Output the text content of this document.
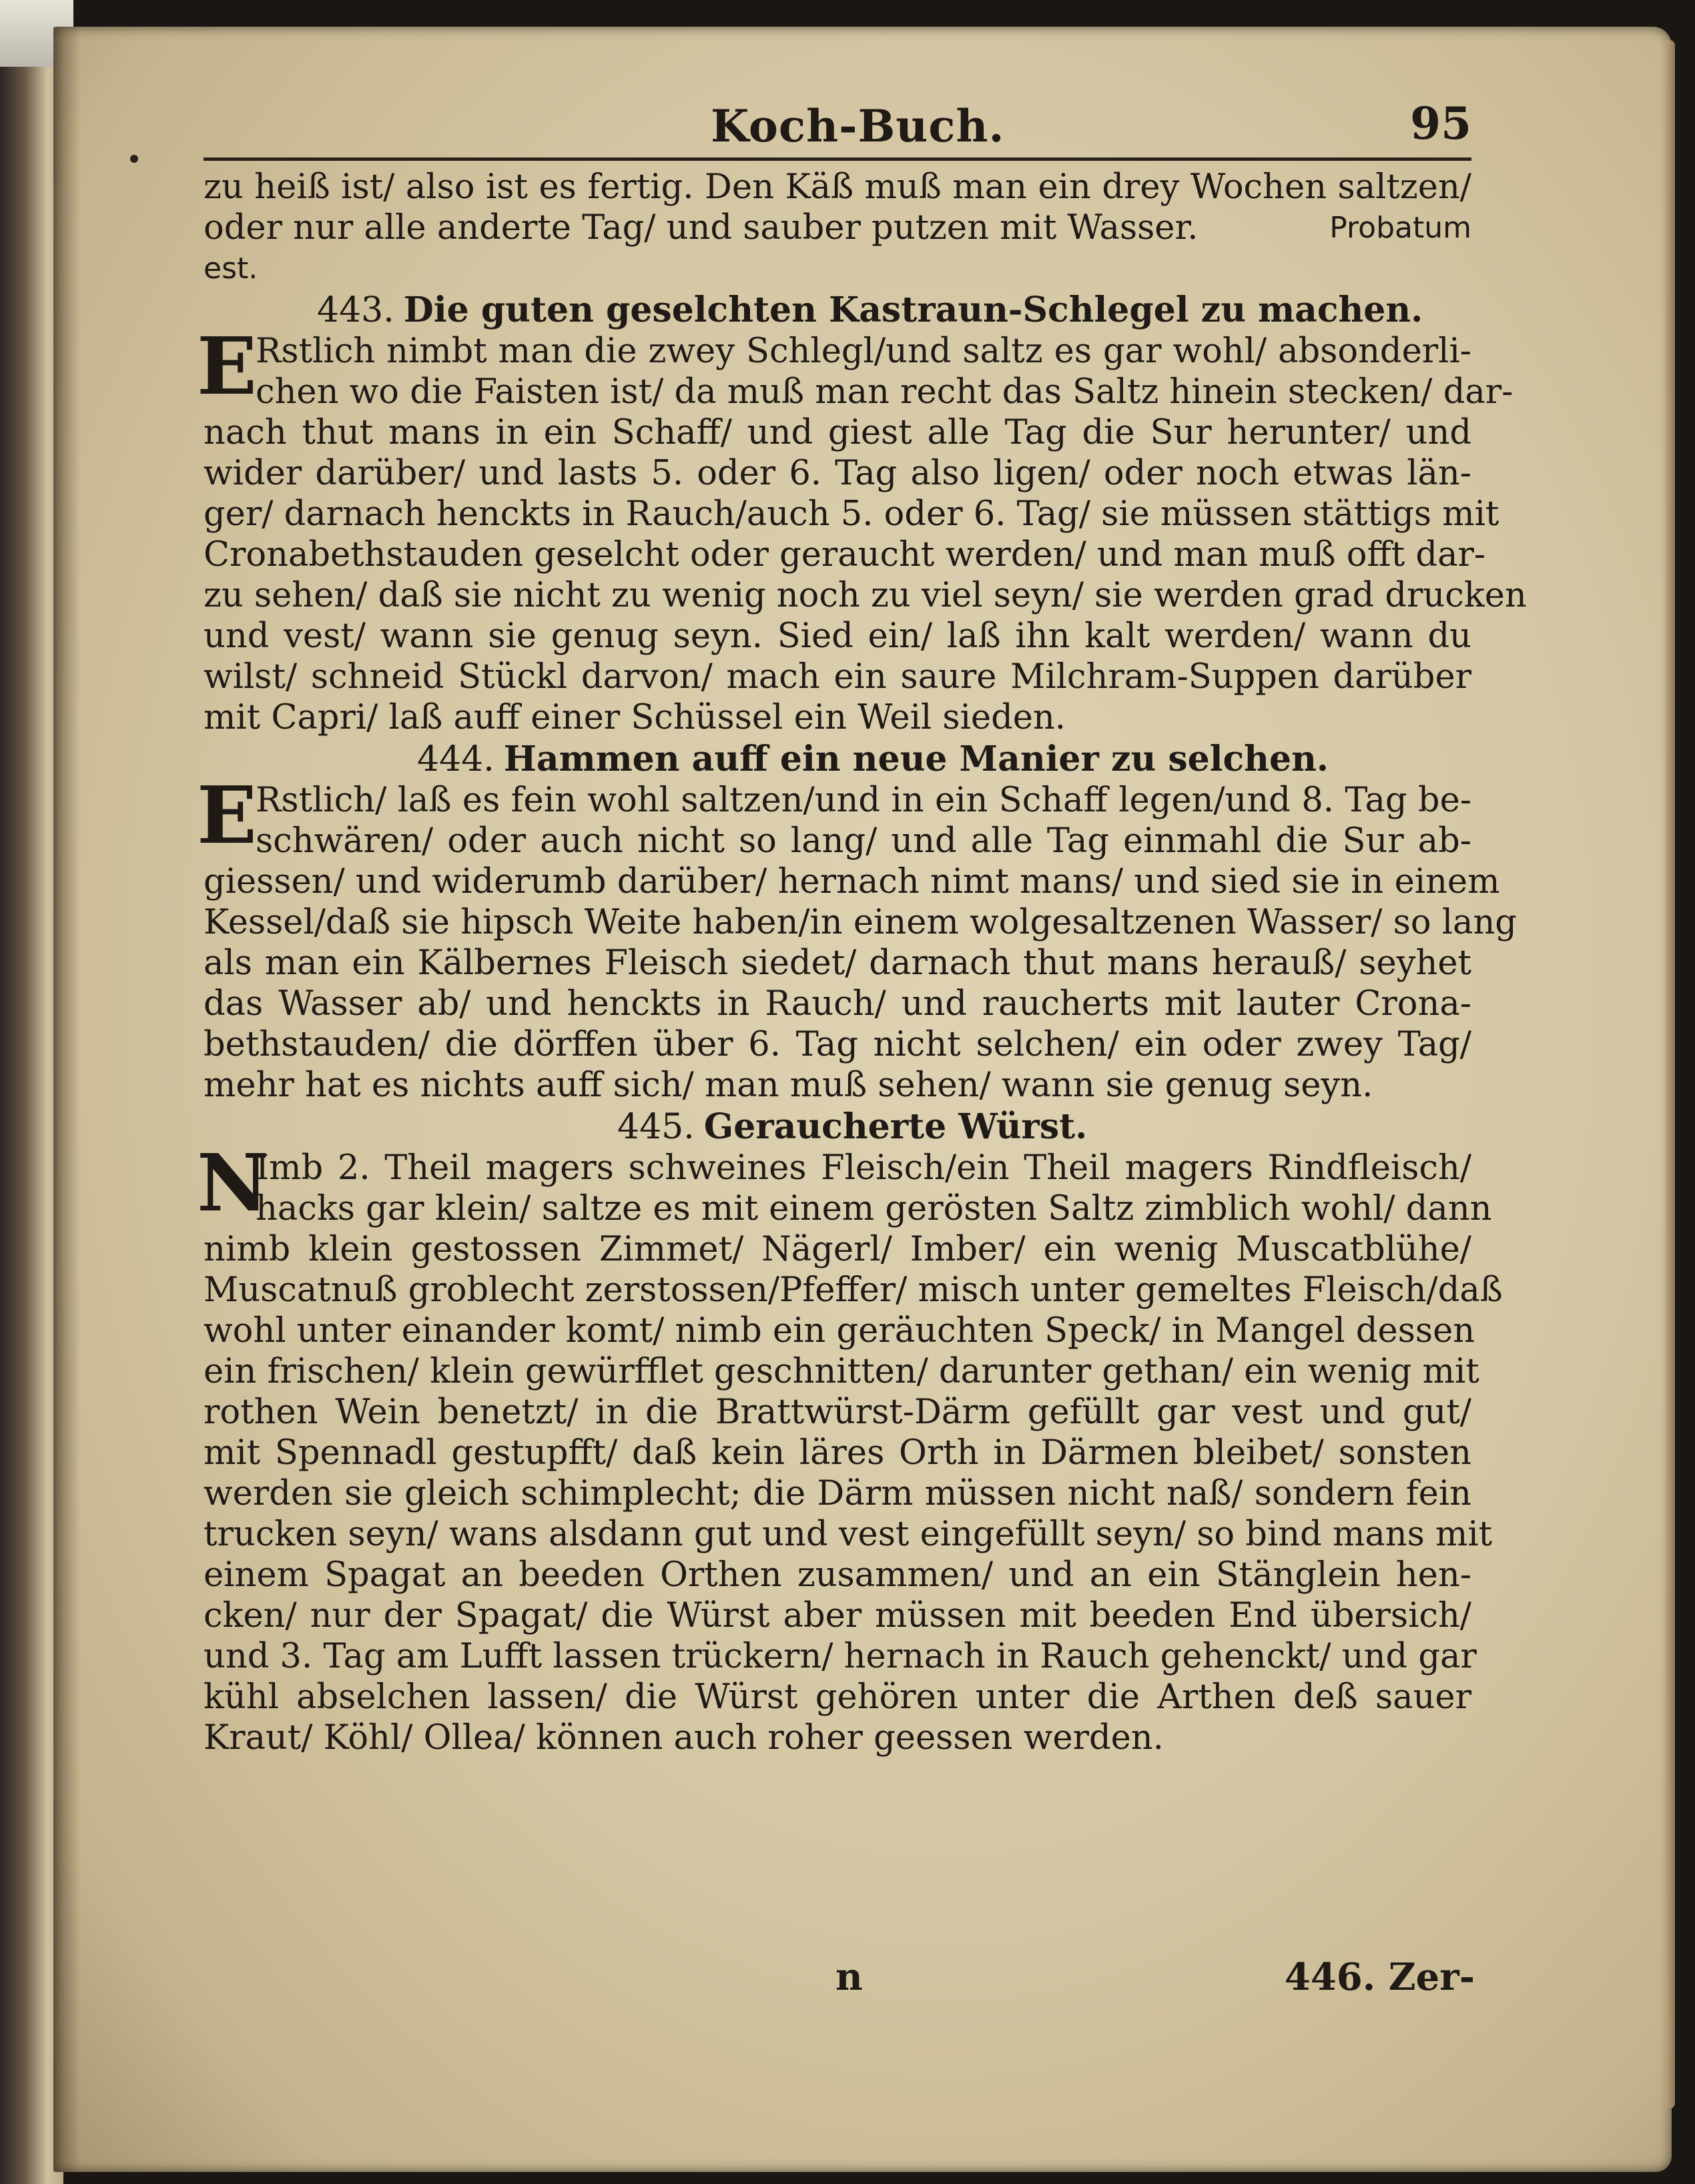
Koch-Buch.	95
zu heiß ist/ also ist es fertig. Den Käß muß man ein drey Wochen saltzen/
oder nur alle anderte Tag/ und sauber putzen mit Wasser.	Probatum
est.
443. Die guten geselchten Kastraun-Schlegel zu machen.
E
Rstlich nimbt man die zwey Schlegl/und saltz es gar wohl/ absonderli-
chen wo die Faisten ist/ da muß man recht das Saltz hinein stecken/ dar-
nach thut mans in ein Schaff/ und giest alle Tag die Sur herunter/ und
wider darüber/ und lasts 5. oder 6. Tag also ligen/ oder noch etwas län-
ger/ darnach henckts in Rauch/auch 5. oder 6. Tag/ sie müssen stättigs mit
Cronabethstauden geselcht oder geraucht werden/ und man muß offt dar-
zu sehen/ daß sie nicht zu wenig noch zu viel seyn/ sie werden grad drucken
und vest/ wann sie genug seyn. Sied ein/ laß ihn kalt werden/ wann du
wilst/ schneid Stückl darvon/ mach ein saure Milchram-Suppen darüber
mit Capri/ laß auff einer Schüssel ein Weil sieden.
444. Hammen auff ein neue Manier zu selchen.
E
Rstlich/ laß es fein wohl saltzen/und in ein Schaff legen/und 8. Tag be-
schwären/ oder auch nicht so lang/ und alle Tag einmahl die Sur ab-
giessen/ und widerumb darüber/ hernach nimt mans/ und sied sie in einem
Kessel/daß sie hipsch Weite haben/in einem wolgesaltzenen Wasser/ so lang
als man ein Kälbernes Fleisch siedet/ darnach thut mans herauß/ seyhet
das Wasser ab/ und henckts in Rauch/ und raucherts mit lauter Crona-
bethstauden/ die dörffen über 6. Tag nicht selchen/ ein oder zwey Tag/
mehr hat es nichts auff sich/ man muß sehen/ wann sie genug seyn.
445. Geraucherte Würst.
N
Imb 2. Theil magers schweines Fleisch/ein Theil magers Rindfleisch/
hacks gar klein/ saltze es mit einem gerösten Saltz zimblich wohl/ dann
nimb klein gestossen Zimmet/ Nägerl/ Imber/ ein wenig Muscatblühe/
Muscatnuß groblecht zerstossen/Pfeffer/ misch unter gemeltes Fleisch/daß
wohl unter einander komt/ nimb ein geräuchten Speck/ in Mangel dessen
ein frischen/ klein gewürfflet geschnitten/ darunter gethan/ ein wenig mit
rothen Wein benetzt/ in die Brattwürst-Därm gefüllt gar vest und gut/
mit Spennadl gestupfft/ daß kein läres Orth in Därmen bleibet/ sonsten
werden sie gleich schimplecht; die Därm müssen nicht naß/ sondern fein
trucken seyn/ wans alsdann gut und vest eingefüllt seyn/ so bind mans mit
einem Spagat an beeden Orthen zusammen/ und an ein Stänglein hen-
cken/ nur der Spagat/ die Würst aber müssen mit beeden End übersich/
und 3. Tag am Lufft lassen trückern/ hernach in Rauch gehenckt/ und gar
kühl abselchen lassen/ die Würst gehören unter die Arthen deß sauer
Kraut/ Köhl/ Ollea/ können auch roher geessen werden.
n	446. Zer-
